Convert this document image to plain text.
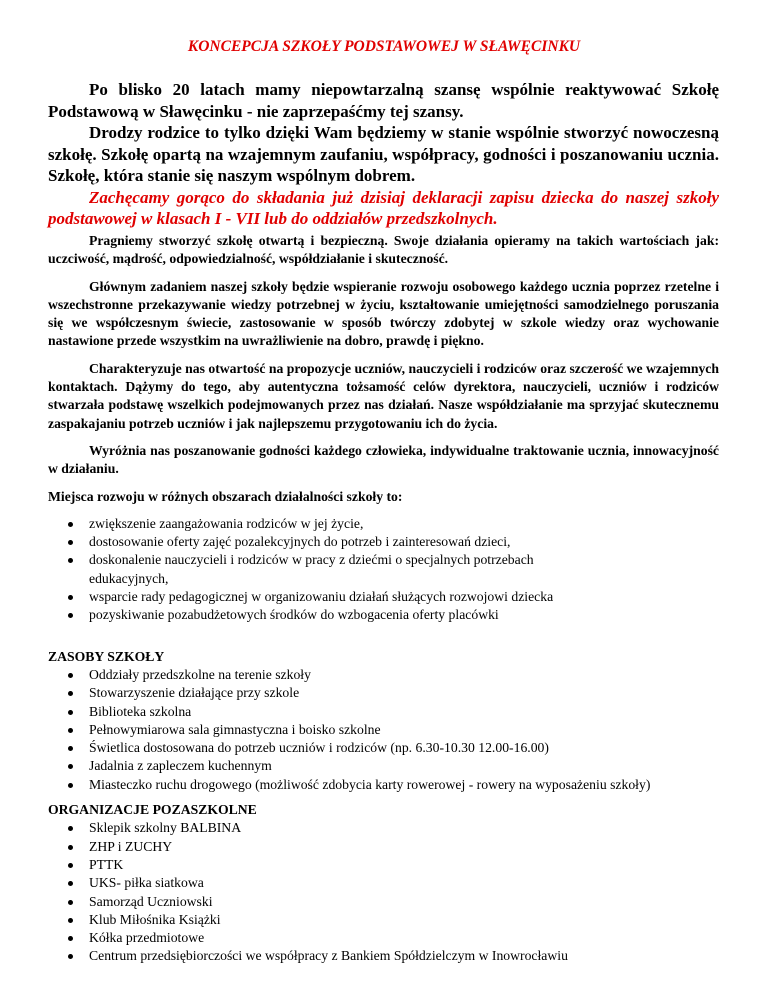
KONCEPCJA SZKOŁY PODSTAWOWEJ W SŁAWĘCINKU

Po blisko 20 latach mamy niepowtarzalną szansę wspólnie reaktywować Szkołę Podstawową w Sławęcinku - nie zaprzepaśćmy tej szansy.

Drodzy rodzice to tylko dzięki Wam będziemy w stanie wspólnie stworzyć nowoczesną szkołę. Szkołę opartą na wzajemnym zaufaniu, współpracy, godności i poszanowaniu ucznia. Szkołę, która stanie się naszym wspólnym dobrem.

Zachęcamy gorąco do składania już dzisiaj deklaracji zapisu dziecka do naszej szkoły podstawowej w klasach I - VII lub do oddziałów przedszkolnych.

Pragniemy stworzyć szkołę otwartą i bezpieczną. Swoje działania opieramy na takich wartościach jak: uczciwość, mądrość, odpowiedzialność, współdziałanie i skuteczność.

Głównym zadaniem naszej szkoły będzie wspieranie rozwoju osobowego każdego ucznia poprzez rzetelne i wszechstronne przekazywanie wiedzy potrzebnej w życiu, kształtowanie umiejętności samodzielnego poruszania się we współczesnym świecie, zastosowanie w sposób twórczy zdobytej w szkole wiedzy oraz wychowanie nastawione przede wszystkim na uwrażliwienie na dobro, prawdę i piękno.

Charakteryzuje nas otwartość na propozycje uczniów, nauczycieli i rodziców oraz szczerość we wzajemnych kontaktach. Dążymy do tego, aby autentyczna tożsamość celów dyrektora, nauczycieli, uczniów i rodziców stwarzała podstawę wszelkich podejmowanych przez nas działań. Nasze współdziałanie ma sprzyjać skutecznemu zaspakajaniu potrzeb uczniów i jak najlepszemu przygotowaniu ich do życia.

Wyróżnia nas poszanowanie godności każdego człowieka, indywidualne traktowanie ucznia, innowacyjność w działaniu.

Miejsca rozwoju w różnych obszarach działalności szkoły to:

zwiększenie zaangażowania rodziców w jej życie,
dostosowanie oferty zajęć pozalekcyjnych do potrzeb i zainteresowań dzieci,
doskonalenie nauczycieli i rodziców w pracy z dziećmi o specjalnych potrzebach edukacyjnych,
wsparcie rady pedagogicznej w organizowaniu działań służących rozwojowi dziecka
pozyskiwanie pozabudżetowych środków do wzbogacenia oferty placówki

ZASOBY SZKOŁY

Oddziały przedszkolne na terenie szkoły
Stowarzyszenie działające przy szkole
Biblioteka szkolna
Pełnowymiarowa sala gimnastyczna i boisko szkolne
Świetlica dostosowana do potrzeb uczniów i rodziców (np. 6.30-10.30 12.00-16.00)
Jadalnia z zapleczem kuchennym
Miasteczko ruchu drogowego (możliwość zdobycia karty rowerowej - rowery na wyposażeniu szkoły)

ORGANIZACJE POZASZKOLNE

Sklepik szkolny BALBINA
ZHP i ZUCHY
PTTK
UKS- piłka siatkowa
Samorząd Uczniowski
Klub Miłośnika Książki
Kółka przedmiotowe
Centrum przedsiębiorczości we współpracy z Bankiem Spółdzielczym w Inowrocławiu
